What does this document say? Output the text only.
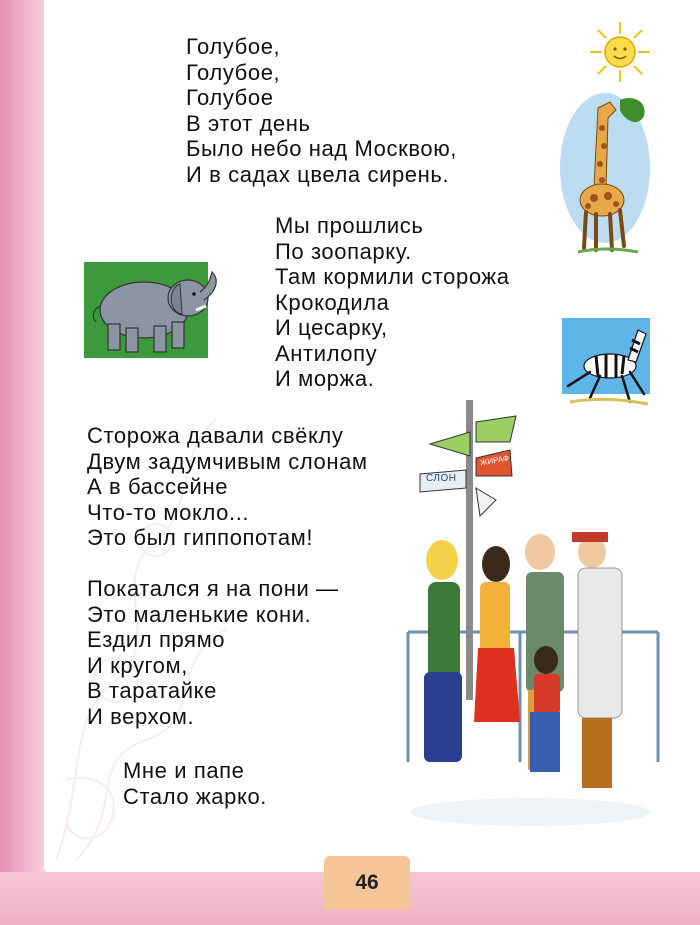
Голубое,
Голубое,
Голубое
В этот день
Было небо над Москвою,
И в садах цвела сирень.
Мы прошлись
По зоопарку.
Там кормили сторожа
Крокодила
И цесарку,
Антилопу
И моржа.
Сторожа давали свёклу
Двум задумчивым слонам
А в бассейне
Что-то мокло...
Это был гиппопотам!
Покатался я на пони —
Это маленькие кони.
Ездил прямо
И кругом,
В таратайке
И верхом.
Мне и папе
Стало жарко.
СЛОН
ЖИРАФ
46
